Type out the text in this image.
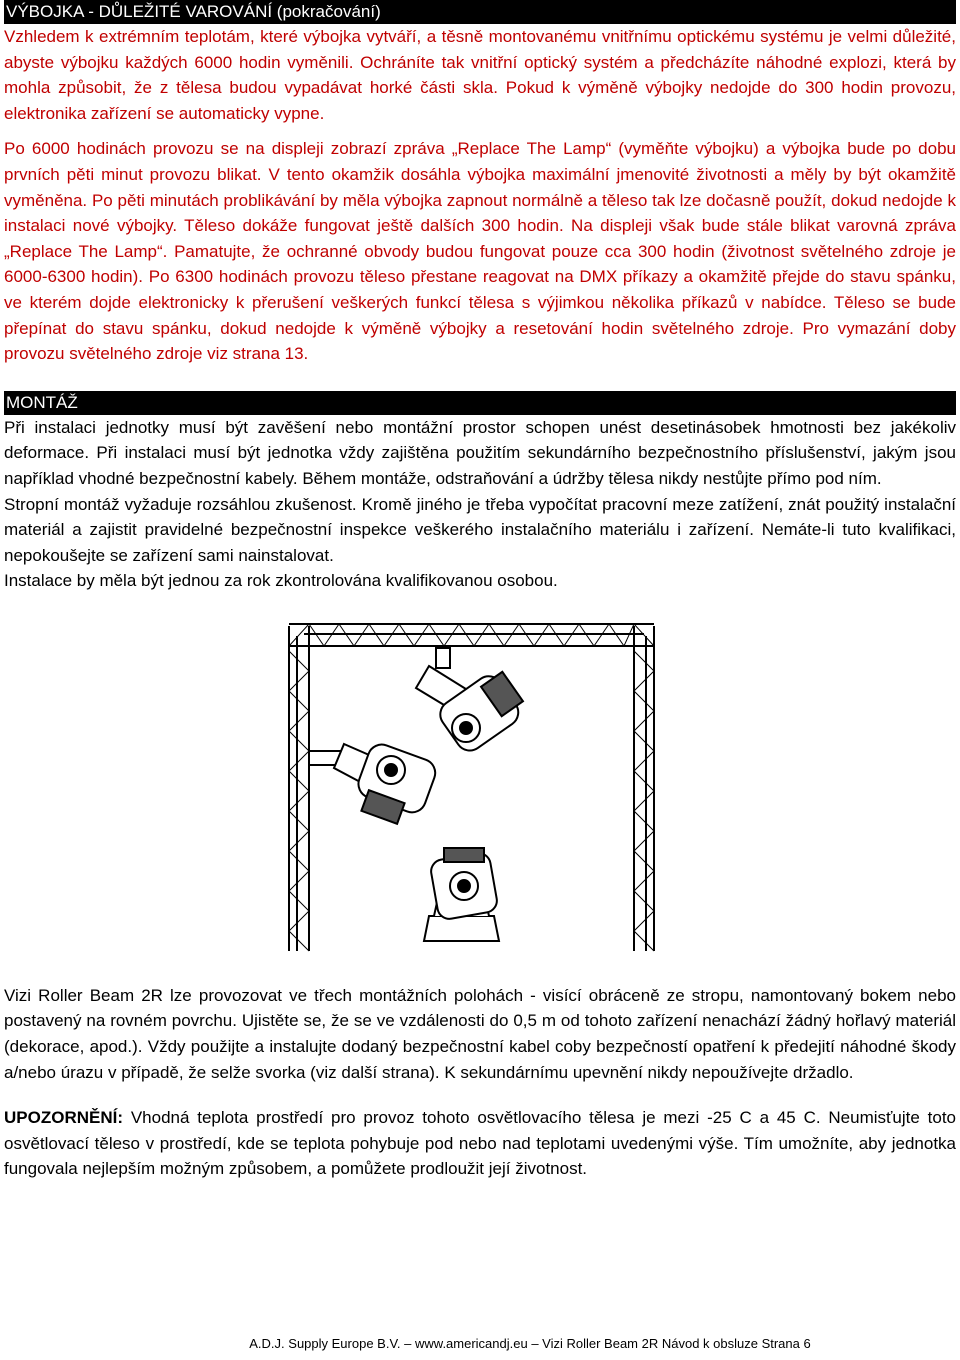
VÝBOJKA - DŮLEŽITÉ VAROVÁNÍ (pokračování)

Vzhledem k extrémním teplotám, které výbojka vytváří, a těsně montovanému vnitřnímu optickému systému je velmi důležité, abyste výbojku každých 6000 hodin vyměnili. Ochráníte tak vnitřní optický systém a předcházíte náhodné explozi, která by mohla způsobit, že z tělesa budou vypadávat horké části skla. Pokud k výměně výbojky nedojde do 300 hodin provozu, elektronika zařízení se automaticky vypne.

Po 6000 hodinách provozu se na displeji zobrazí zpráva „Replace The Lamp“ (vyměňte výbojku) a výbojka bude po dobu prvních pěti minut provozu blikat. V tento okamžik dosáhla výbojka maximální jmenovité životnosti a měly by být okamžitě vyměněna. Po pěti minutách problikávání by měla výbojka zapnout normálně a těleso tak lze dočasně použít, dokud nedojde k instalaci nové výbojky. Těleso dokáže fungovat ještě dalších 300 hodin. Na displeji však bude stále blikat varovná zpráva „Replace The Lamp“. Pamatujte, že ochranné obvody budou fungovat pouze cca 300 hodin (životnost světelného zdroje je 6000-6300 hodin). Po 6300 hodinách provozu těleso přestane reagovat na DMX příkazy a okamžitě přejde do stavu spánku, ve kterém dojde elektronicky k přerušení veškerých funkcí tělesa s výjimkou několika příkazů v nabídce. Těleso se bude přepínat do stavu spánku, dokud nedojde k výměně výbojky a resetování hodin světelného zdroje. Pro vymazání doby provozu světelného zdroje viz strana 13.

MONTÁŽ

Při instalaci jednotky musí být zavěšení nebo montážní prostor schopen unést desetinásobek hmotnosti bez jakékoliv deformace. Při instalaci musí být jednotka vždy zajištěna použitím sekundárního bezpečnostního příslušenství, jakým jsou například vhodné bezpečnostní kabely. Během montáže, odstraňování a údržby tělesa nikdy nestůjte přímo pod ním.

Stropní montáž vyžaduje rozsáhlou zkušenost. Kromě jiného je třeba vypočítat pracovní meze zatížení, znát použitý instalační materiál a zajistit pravidelné bezpečnostní inspekce veškerého instalačního materiálu i zařízení. Nemáte-li tuto kvalifikaci, nepokoušejte se zařízení sami nainstalovat.

Instalace by měla být jednou za rok zkontrolována kvalifikovanou osobou.

Vizi Roller Beam 2R lze provozovat ve třech montážních polohách - visící obráceně ze stropu, namontovaný bokem nebo postavený na rovném povrchu. Ujistěte se, že se ve vzdálenosti do 0,5 m od tohoto zařízení nenachází žádný hořlavý materiál (dekorace, apod.). Vždy použijte a instalujte dodaný bezpečnostní kabel coby bezpečností opatření k předejití náhodné škody a/nebo úrazu v případě, že selže svorka (viz další strana). K sekundárnímu upevnění nikdy nepoužívejte držadlo.

UPOZORNĚNÍ: Vhodná teplota prostředí pro provoz tohoto osvětlovacího tělesa je mezi -25 C a 45 C. Neumisťujte toto osvětlovací těleso v prostředí, kde se teplota pohybuje pod nebo nad teplotami uvedenými výše. Tím umožníte, aby jednotka fungovala nejlepším možným způsobem, a pomůžete prodloužit její životnost.

A.D.J. Supply Europe B.V. – www.americandj.eu – Vizi Roller Beam 2R Návod k obsluze Strana 6
